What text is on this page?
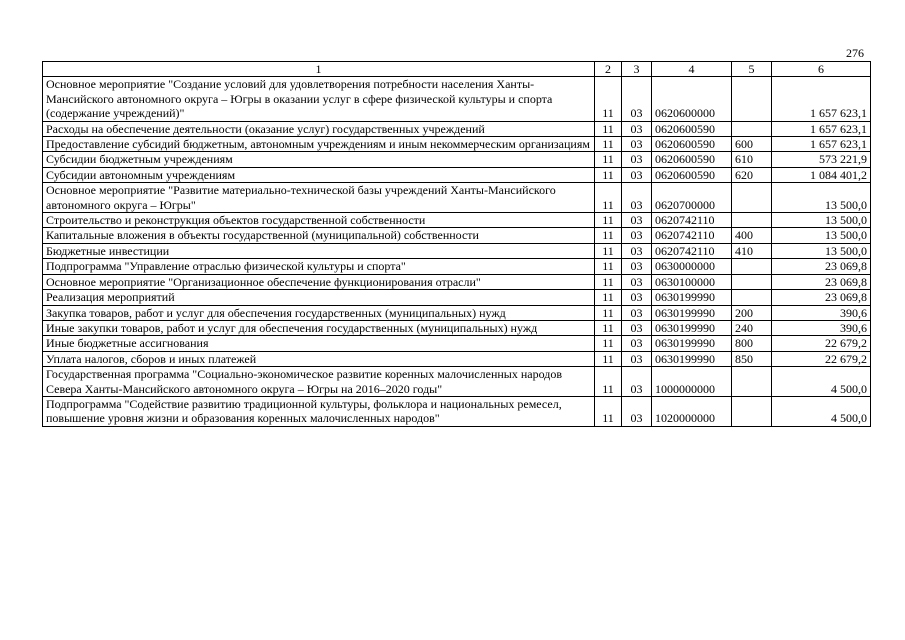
276
1	2	3	4	5	6
Основное мероприятие "Создание условий для удовлетворения потребности населения Ханты-Мансийского автономного округа – Югры в оказании услуг в сфере физической культуры и спорта (содержание учреждений)"	11	03	0620600000		1 657 623,1
Расходы на обеспечение деятельности (оказание услуг) государственных учреждений	11	03	0620600590		1 657 623,1
Предоставление субсидий бюджетным, автономным учреждениям и иным некоммерческим организациям	11	03	0620600590	600	1 657 623,1
Субсидии бюджетным учреждениям	11	03	0620600590	610	573 221,9
Субсидии автономным учреждениям	11	03	0620600590	620	1 084 401,2
Основное мероприятие "Развитие материально-технической базы учреждений Ханты-Мансийского автономного округа – Югры"	11	03	0620700000		13 500,0
Строительство и реконструкция объектов государственной собственности	11	03	0620742110		13 500,0
Капитальные вложения в объекты государственной (муниципальной) собственности	11	03	0620742110	400	13 500,0
Бюджетные инвестиции	11	03	0620742110	410	13 500,0
Подпрограмма "Управление отраслью физической культуры и спорта"	11	03	0630000000		23 069,8
Основное мероприятие "Организационное обеспечение функционирования отрасли"	11	03	0630100000		23 069,8
Реализация мероприятий	11	03	0630199990		23 069,8
Закупка товаров, работ и услуг для обеспечения государственных (муниципальных) нужд	11	03	0630199990	200	390,6
Иные закупки товаров, работ и услуг для обеспечения государственных (муниципальных) нужд	11	03	0630199990	240	390,6
Иные бюджетные ассигнования	11	03	0630199990	800	22 679,2
Уплата налогов, сборов и иных платежей	11	03	0630199990	850	22 679,2
Государственная программа "Социально-экономическое развитие коренных малочисленных народов Севера Ханты-Мансийского автономного округа – Югры на 2016–2020 годы"	11	03	1000000000		4 500,0
Подпрограмма "Содействие развитию традиционной культуры, фольклора и национальных ремесел, повышение уровня жизни и образования коренных малочисленных народов"	11	03	1020000000		4 500,0
